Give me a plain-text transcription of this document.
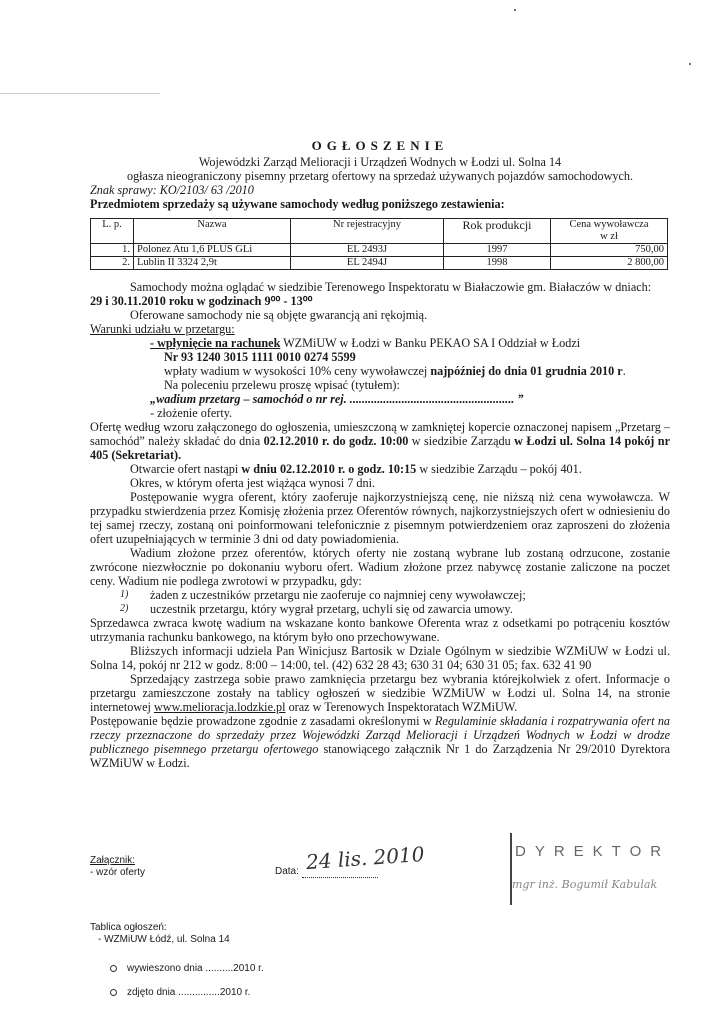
OGŁOSZENIE

Wojewódzki Zarząd Melioracji i Urządzeń Wodnych w Łodzi ul. Solna 14

ogłasza nieograniczony pisemny przetarg ofertowy na sprzedaż używanych pojazdów samochodowych.

Znak sprawy: KO/2103/ 63 /2010

Przedmiotem sprzedaży są używane samochody według poniższego zestawienia:

L. p.	Nazwa	Nr rejestracyjny	Rok produkcji	Cena wywoławcza
w zł
1.	Polonez Atu 1,6 PLUS GLi	EL 2493J	1997	750,00
2.	Lublin II 3324 2,9t	EL 2494J	1998	2 800,00

Samochody można oglądać w siedzibie Terenowego Inspektoratu w Białaczowie gm. Białaczów w dniach:

29 i 30.11.2010 roku w godzinach 9⁰⁰ - 13⁰⁰

Oferowane samochody nie są objęte gwarancją ani rękojmią.

Warunki udziału w przetargu:

- wpłynięcie na rachunek WZMiUW w Łodzi w Banku PEKAO SA I Oddział w Łodzi

Nr 93 1240 3015 1111 0010 0274 5599

wpłaty wadium w wysokości 10% ceny wywoławczej najpóźniej do dnia 01 grudnia 2010 r.

Na poleceniu przelewu proszę wpisać (tytułem):

„wadium przetarg – samochód o nr rej. ...................................................... ”

- złożenie oferty.

Ofertę według wzoru załączonego do ogłoszenia, umieszczoną w zamkniętej kopercie oznaczonej napisem „Przetarg – samochód” należy składać do dnia 02.12.2010 r. do godz. 10:00 w siedzibie Zarządu w Łodzi ul. Solna 14 pokój nr 405 (Sekretariat).

Otwarcie ofert nastąpi w dniu 02.12.2010 r. o godz. 10:15 w siedzibie Zarządu – pokój 401.

Okres, w którym oferta jest wiążąca wynosi 7 dni.

Postępowanie wygra oferent, który zaoferuje najkorzystniejszą cenę, nie niższą niż cena wywoławcza. W przypadku stwierdzenia przez Komisję złożenia przez Oferentów równych, najkorzystniejszych ofert w odniesieniu do tej samej rzeczy, zostaną oni poinformowani telefonicznie z pisemnym potwierdzeniem oraz zaproszeni do złożenia ofert uzupełniających w terminie 3 dni od daty powiadomienia.

Wadium złożone przez oferentów, których oferty nie zostaną wybrane lub zostaną odrzucone, zostanie zwrócone niezwłocznie po dokonaniu wyboru ofert. Wadium złożone przez nabywcę zostanie zaliczone na poczet ceny. Wadium nie podlega zwrotowi w przypadku, gdy:

1)	żaden z uczestników przetargu nie zaoferuje co najmniej ceny wywoławczej;
2)	uczestnik przetargu, który wygrał przetarg, uchyli się od zawarcia umowy.

Sprzedawca zwraca kwotę wadium na wskazane konto bankowe Oferenta wraz z odsetkami po potrąceniu kosztów utrzymania rachunku bankowego, na którym było ono przechowywane.

Bliższych informacji udziela Pan Winicjusz Bartosik w Dziale Ogólnym w siedzibie WZMiUW w Łodzi ul. Solna 14, pokój nr 212 w godz. 8:00 – 14:00, tel. (42) 632 28 43; 630 31 04; 630 31 05; fax. 632 41 90

Sprzedający zastrzega sobie prawo zamknięcia przetargu bez wybrania którejkolwiek z ofert. Informacje o przetargu zamieszczone zostały na tablicy ogłoszeń w siedzibie WZMiUW w Łodzi ul. Solna 14, na stronie internetowej www.melioracja.lodzkie.pl oraz w Terenowych Inspektoratach WZMiUW.

Postępowanie będzie prowadzone zgodnie z zasadami określonymi w Regulaminie składania i rozpatrywania ofert na rzeczy przeznaczone do sprzedaży przez Wojewódzki Zarząd Melioracji i Urządzeń Wodnych w Łodzi w drodze publicznego pisemnego przetargu ofertowego stanowiącego załącznik Nr 1 do Zarządzenia Nr 29/2010 Dyrektora WZMiUW w Łodzi.

Załącznik:
- wzór oferty	Data: 24 lis. 2010	DYREKTOR
mgr inż. Bogumił Kabulak
Tablica ogłoszeń:
- WZMiUW Łódź, ul. Solna 14
wywieszono dnia ..........2010 r.
zdjęto dnia ...............2010 r.
